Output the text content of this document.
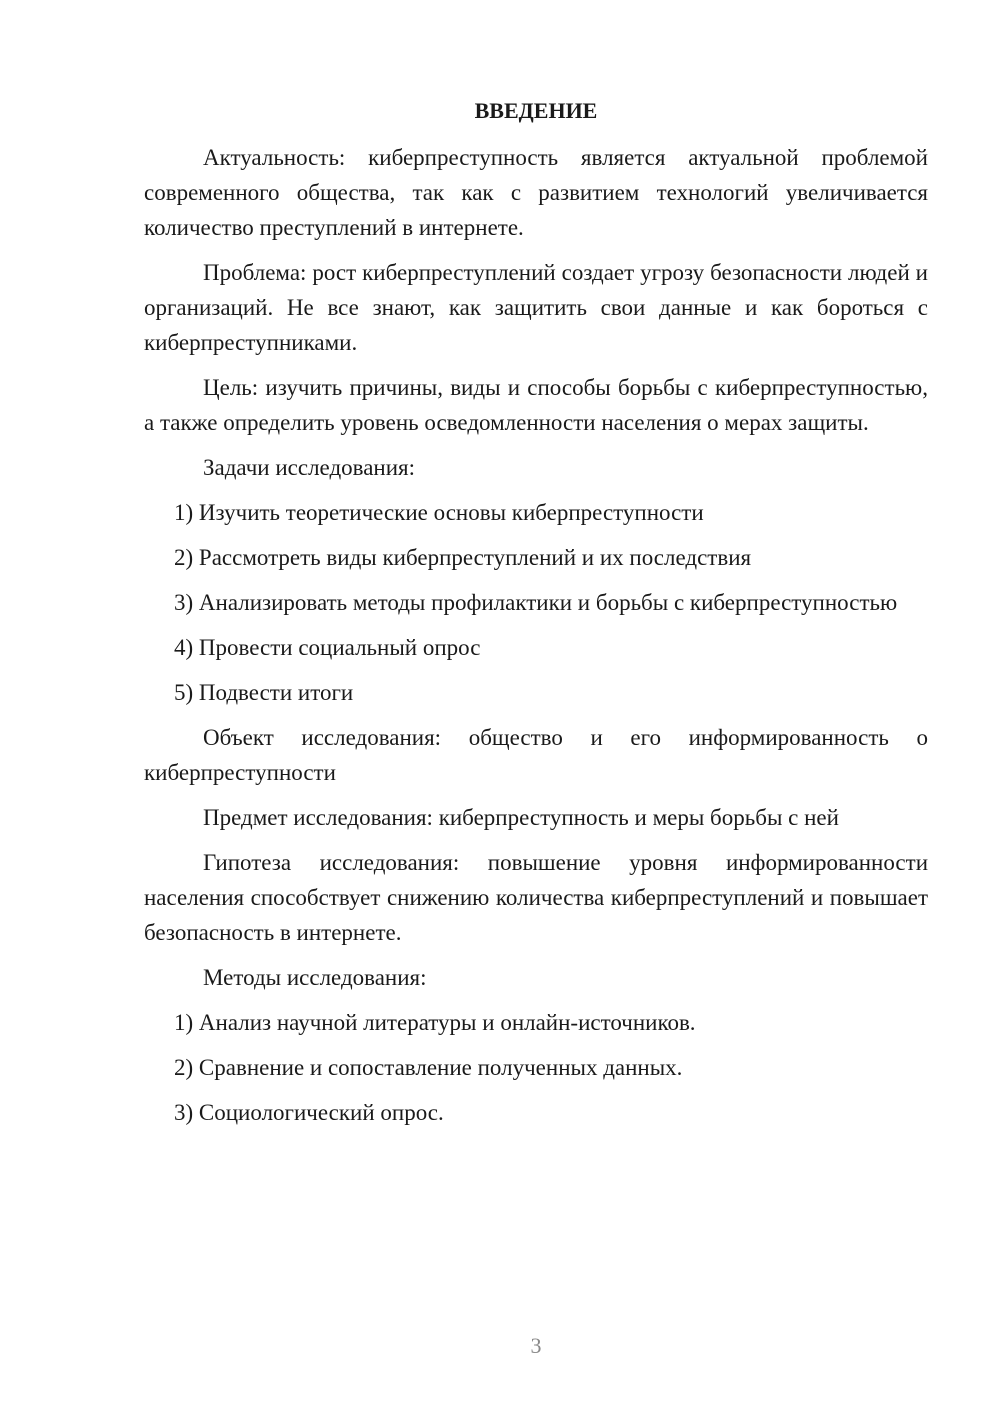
ВВЕДЕНИЕ

Актуальность: киберпреступность является актуальной проблемой современного общества, так как с развитием технологий увеличивается количество преступлений в интернете.

Проблема: рост киберпреступлений создает угрозу безопасности людей и организаций. Не все знают, как защитить свои данные и как бороться с киберпреступниками.

Цель: изучить причины, виды и способы борьбы с киберпреступностью, а также определить уровень осведомленности населения о мерах защиты.

Задачи исследования:

1) Изучить теоретические основы киберпреступности

2) Рассмотреть виды киберпреступлений и их последствия

3) Анализировать методы профилактики и борьбы с киберпреступностью

4) Провести социальный опрос

5) Подвести итоги

Объект исследования: общество и его информированность о киберпреступности

Предмет исследования: киберпреступность и меры борьбы с ней

Гипотеза исследования: повышение уровня информированности населения способствует снижению количества киберпреступлений и повышает безопасность в интернете.

Методы исследования:

1) Анализ научной литературы и онлайн-источников.

2) Сравнение и сопоставление полученных данных.

3) Социологический опрос.

3
